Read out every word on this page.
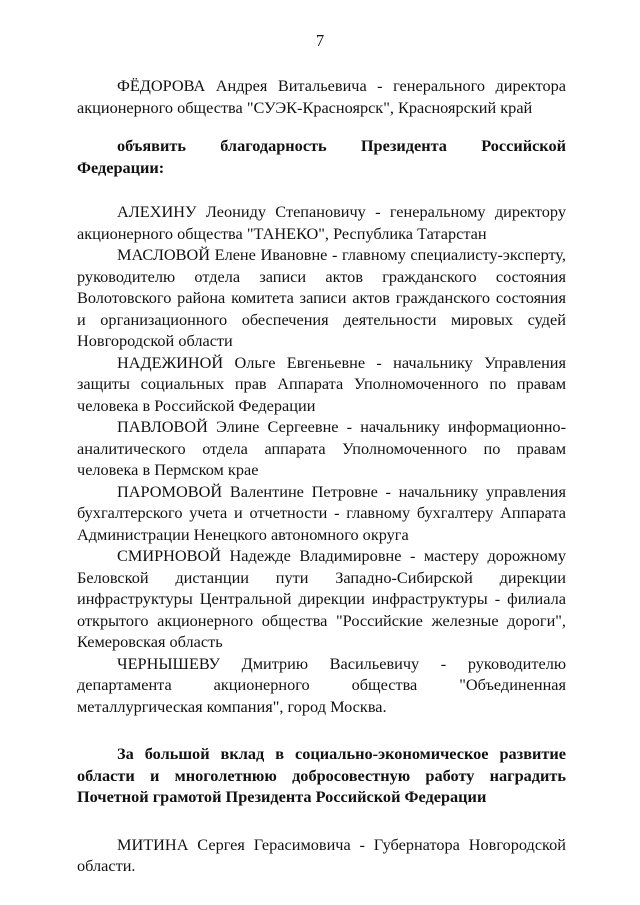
7

ФЁДОРОВА Андрея Витальевича - генерального директора акционерного общества "СУЭК-Красноярск", Красноярский край

объявить благодарность Президента Российской Федерации:

АЛЕХИНУ Леониду Степановичу - генеральному директору акционерного общества "ТАНЕКО", Республика Татарстан

МАСЛОВОЙ Елене Ивановне - главному специалисту-эксперту, руководителю отдела записи актов гражданского состояния Волотовского района комитета записи актов гражданского состояния и организационного обеспечения деятельности мировых судей Новгородской области

НАДЕЖИНОЙ Ольге Евгеньевне - начальнику Управления защиты социальных прав Аппарата Уполномоченного по правам человека в Российской Федерации

ПАВЛОВОЙ Элине Сергеевне - начальнику информационно-аналитического отдела аппарата Уполномоченного по правам человека в Пермском крае

ПАРОМОВОЙ Валентине Петровне - начальнику управления бухгалтерского учета и отчетности - главному бухгалтеру Аппарата Администрации Ненецкого автономного округа

СМИРНОВОЙ Надежде Владимировне - мастеру дорожному Беловской дистанции пути Западно-Сибирской дирекции инфраструктуры Центральной дирекции инфраструктуры - филиала открытого акционерного общества "Российские железные дороги", Кемеровская область

ЧЕРНЫШЕВУ Дмитрию Васильевичу - руководителю департамента акционерного общества "Объединенная металлургическая компания", город Москва.

За большой вклад в социально-экономическое развитие области и многолетнюю добросовестную работу наградить Почетной грамотой Президента Российской Федерации

МИТИНА Сергея Герасимовича - Губернатора Новгородской области.
